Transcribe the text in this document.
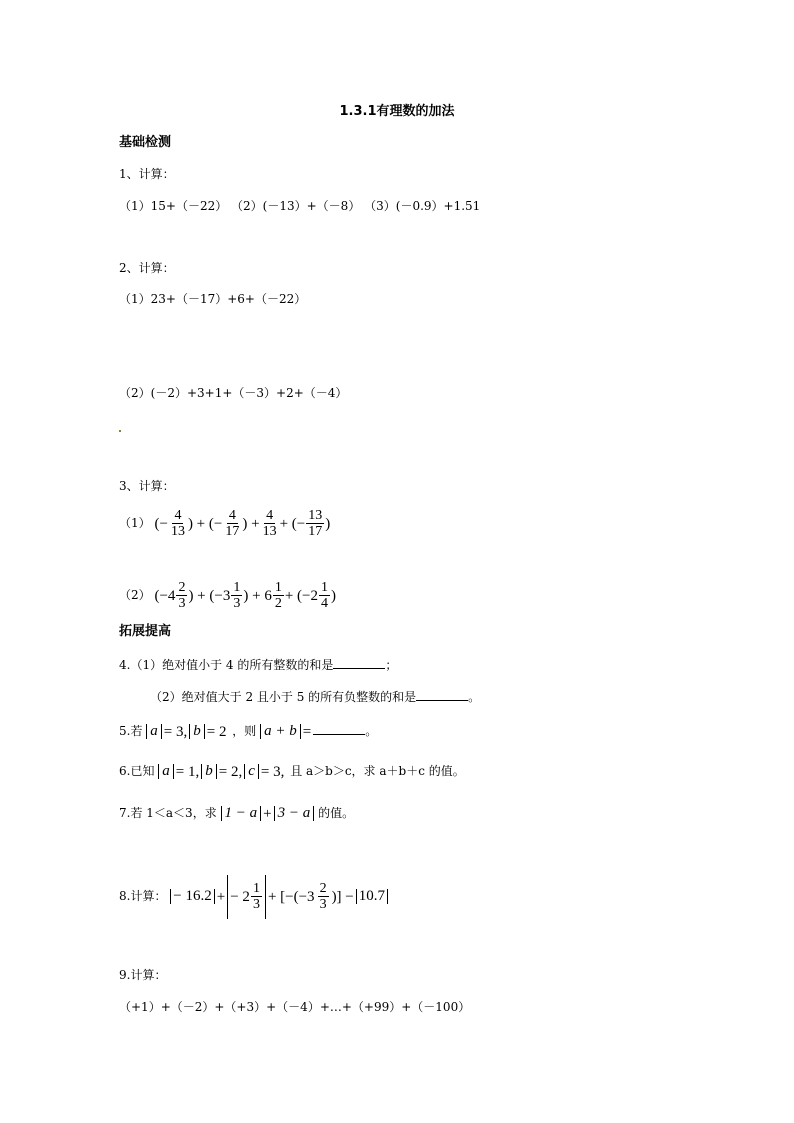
1.3.1有理数的加法
基础检测
1、计算：
（1）15+（－22） （2）(－13）+（－8） （3）(－0.9）+1.51
2、计算：
（1）23+（－17）+6+（－22）
（2）(－2）+3+1+（－3）+2+（－4）
3、计算：
（1） (− $\frac{4}{13}$ ) + (− $\frac{4}{17}$ ) + $\frac{4}{13}$ + (− $\frac{13}{17}$ )
（2） ($-4 \frac{2}{3}$ ) + ($-3 \frac{1}{3}$ ) + $6 \frac{1}{2} + (-2 \frac{1}{4}$ )
拓展提高
4.（1）绝对值小于 4 的所有整数的和是	；
（2）绝对值大于 2 且小于 5 的所有负整数的和是	。
5.若 a = 3, b = 2 ，则 a + b =	。
6.已知 a = 1, b = 2, c = 3, 且 a＞b＞c，求 a＋b＋c 的值。
7.若 1＜a＜3，求 1 − a + 3 − a 的值。
8.计算： − 16.2 + − $2 \frac{1}{3} + [-(-3 \frac{2}{3}$ )] − 10.7
9.计算：
（+1）+（－2）+（+3）+（－4）+…+（+99）+（－100）
